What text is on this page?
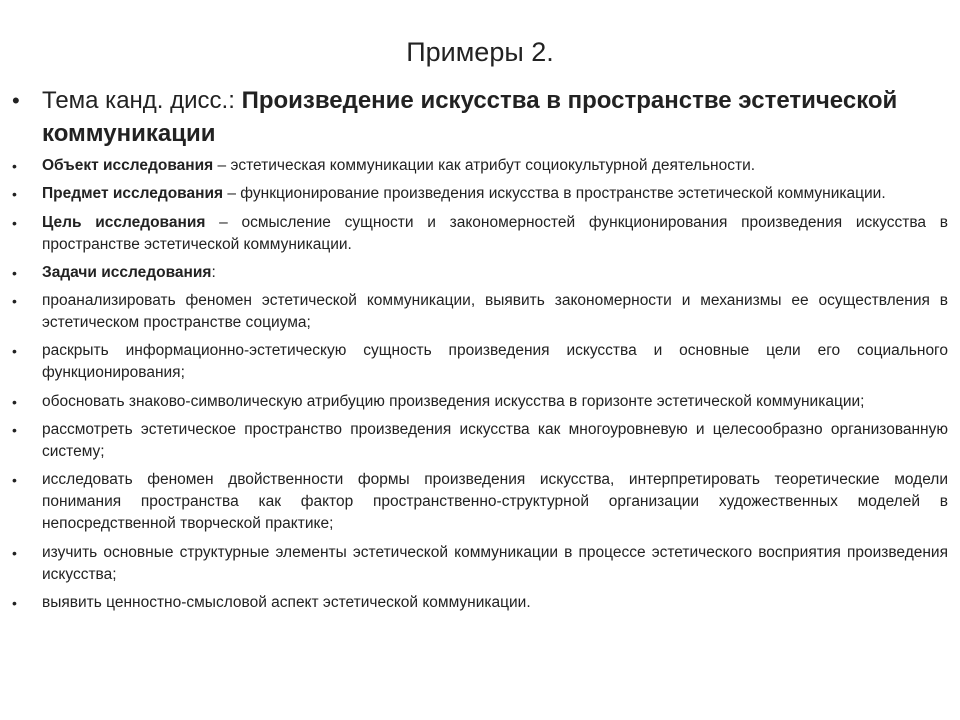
Примеры 2.
• Тема канд. дисс.: Произведение искусства в пространстве эстетической коммуникации
• Объект исследования – эстетическая коммуникации как атрибут социокультурной деятельности.
• Предмет исследования – функционирование произведения искусства в пространстве эстетической коммуникации.
• Цель исследования – осмысление сущности и закономерностей функционирования произведения искусства в пространстве эстетической коммуникации.
• Задачи исследования:
• проанализировать феномен эстетической коммуникации, выявить закономерности и механизмы ее осуществления в эстетическом пространстве социума;
• раскрыть информационно-эстетическую сущность произведения искусства и основные цели его социального функционирования;
• обосновать знаково-символическую атрибуцию произведения искусства в горизонте эстетической коммуникации;
• рассмотреть эстетическое пространство произведения искусства как многоуровневую и целесообразно организованную систему;
• исследовать феномен двойственности формы произведения искусства, интерпретировать теоретические модели понимания пространства как фактор пространственно-структурной организации художественных моделей в непосредственной творческой практике;
• изучить основные структурные элементы эстетической коммуникации в процессе эстетического восприятия произведения искусства;
• выявить ценностно-смысловой аспект эстетической коммуникации.
